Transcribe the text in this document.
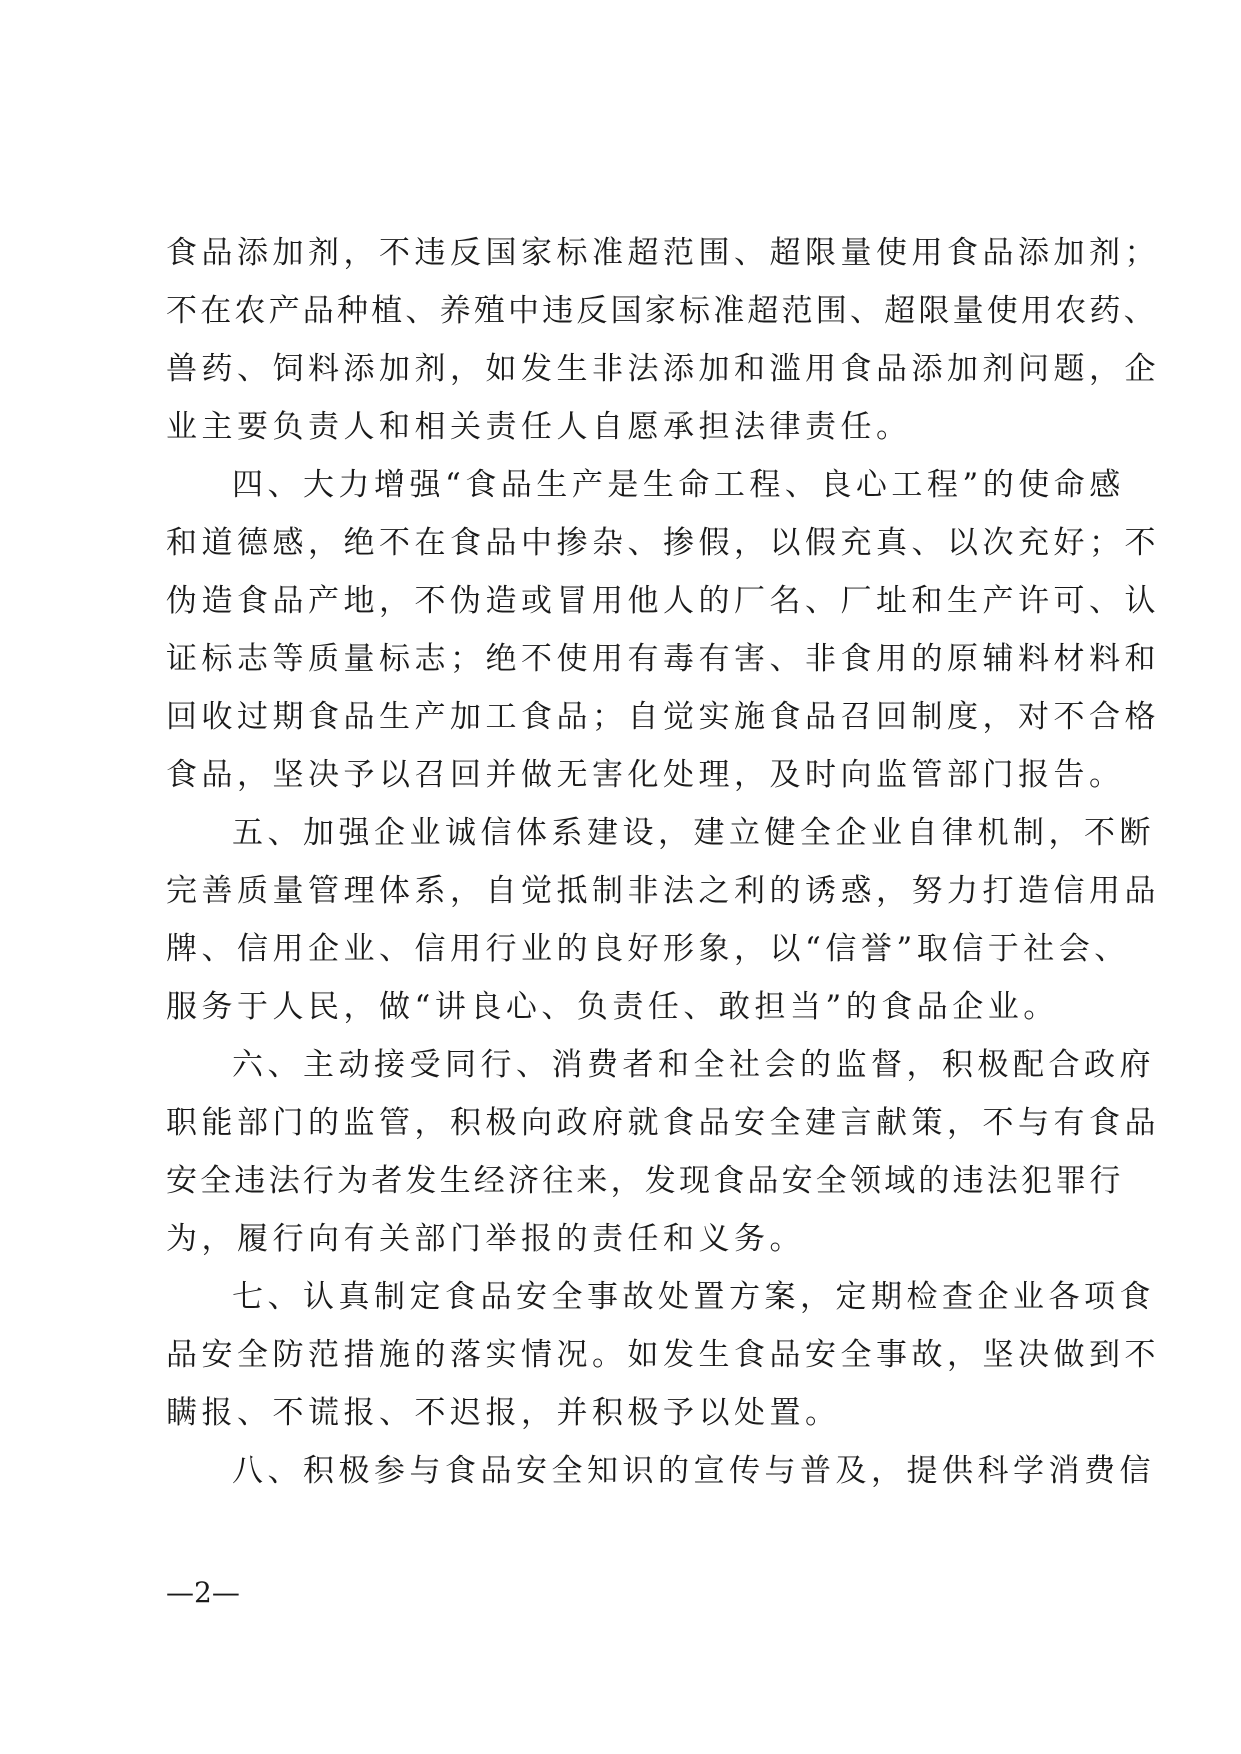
食品添加剂，不违反国家标准超范围、超限量使用食品添加剂；
不在农产品种植、养殖中违反国家标准超范围、超限量使用农药、
兽药、饲料添加剂，如发生非法添加和滥用食品添加剂问题，企
业主要负责人和相关责任人自愿承担法律责任。
四、大力增强“食品生产是生命工程、良心工程”的使命感
和道德感，绝不在食品中掺杂、掺假，以假充真、以次充好；不
伪造食品产地，不伪造或冒用他人的厂名、厂址和生产许可、认
证标志等质量标志；绝不使用有毒有害、非食用的原辅料材料和
回收过期食品生产加工食品；自觉实施食品召回制度，对不合格
食品，坚决予以召回并做无害化处理，及时向监管部门报告。
五、加强企业诚信体系建设，建立健全企业自律机制，不断
完善质量管理体系，自觉抵制非法之利的诱惑，努力打造信用品
牌、信用企业、信用行业的良好形象，以“信誉”取信于社会、
服务于人民，做“讲良心、负责任、敢担当”的食品企业。
六、主动接受同行、消费者和全社会的监督，积极配合政府
职能部门的监管，积极向政府就食品安全建言献策，不与有食品
安全违法行为者发生经济往来，发现食品安全领域的违法犯罪行
为，履行向有关部门举报的责任和义务。
七、认真制定食品安全事故处置方案，定期检查企业各项食
品安全防范措施的落实情况。如发生食品安全事故，坚决做到不
瞒报、不谎报、不迟报，并积极予以处置。
八、积极参与食品安全知识的宣传与普及，提供科学消费信
—2—
